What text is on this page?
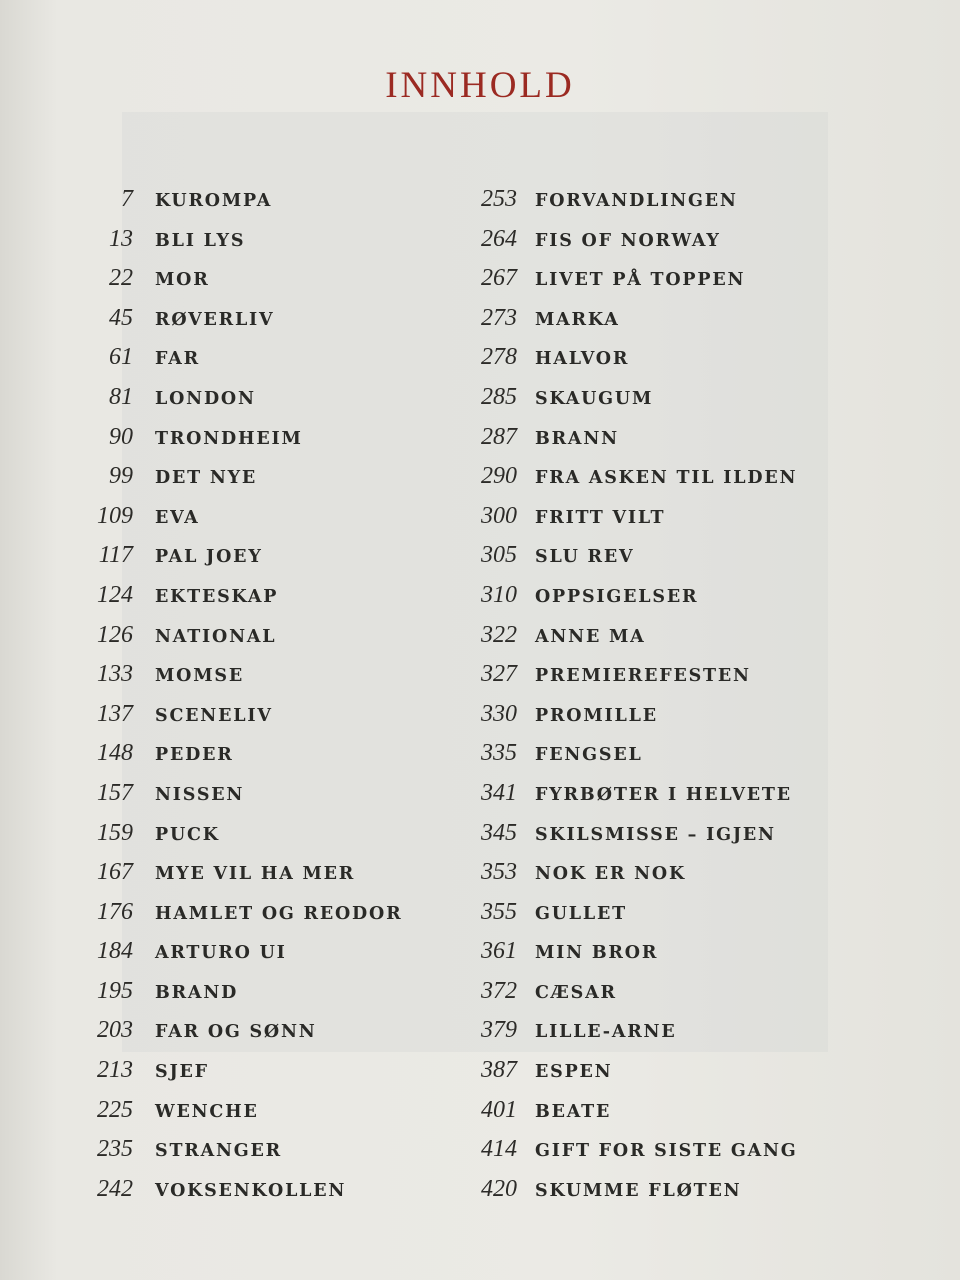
INNHOLD
7 KUROMPA
13 BLI LYS
22 MOR
45 RØVERLIV
61 FAR
81 LONDON
90 TRONDHEIM
99 DET NYE
109 EVA
117 PAL JOEY
124 EKTESKAP
126 NATIONAL
133 MOMSE
137 SCENELIV
148 PEDER
157 NISSEN
159 PUCK
167 MYE VIL HA MER
176 HAMLET OG REODOR
184 ARTURO UI
195 BRAND
203 FAR OG SØNN
213 SJEF
225 WENCHE
235 STRANGER
242 VOKSENKOLLEN
253 FORVANDLINGEN
264 FIS OF NORWAY
267 LIVET PÅ TOPPEN
273 MARKA
278 HALVOR
285 SKAUGUM
287 BRANN
290 FRA ASKEN TIL ILDEN
300 FRITT VILT
305 SLU REV
310 OPPSIGELSER
322 ANNE MA
327 PREMIEREFESTEN
330 PROMILLE
335 FENGSEL
341 FYRBØTER I HELVETE
345 SKILSMISSE – IGJEN
353 NOK ER NOK
355 GULLET
361 MIN BROR
372 CÆSAR
379 LILLE-ARNE
387 ESPEN
401 BEATE
414 GIFT FOR SISTE GANG
420 SKUMME FLØTEN
